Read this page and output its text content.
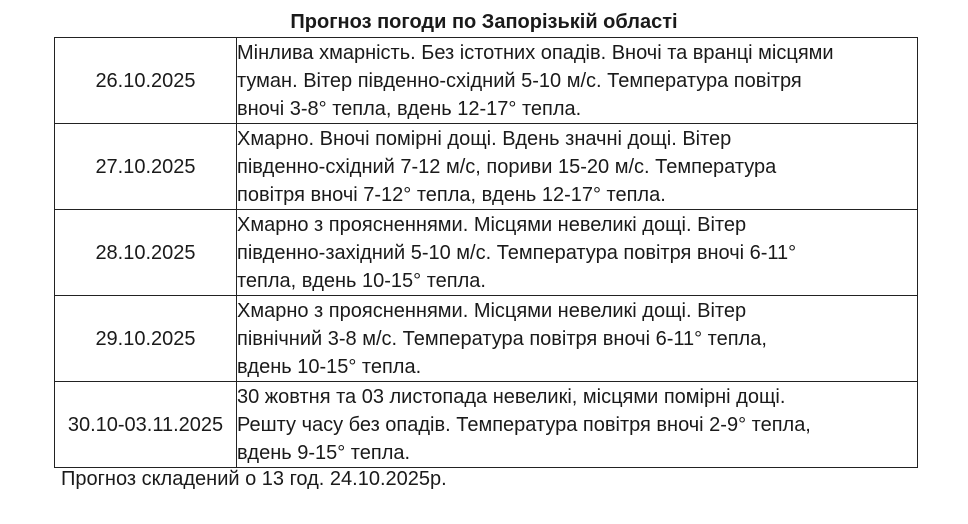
Прогноз погоди по Запорізькій області
26.10.2025	Мінлива хмарність. Без істотних опадів. Вночі та вранці місцями
туман. Вітер південно-східний 5-10 м/с. Температура повітря
вночі 3-8° тепла, вдень 12-17° тепла.

27.10.2025	Хмарно. Вночі помірні дощі. Вдень значні дощі. Вітер
південно-східний 7-12 м/с, пориви 15-20 м/с. Температура
повітря вночі 7-12° тепла, вдень 12-17° тепла.

28.10.2025	Хмарно з проясненнями. Місцями невеликі дощі. Вітер
південно-західний 5-10 м/с. Температура повітря вночі 6-11°
тепла, вдень 10-15° тепла.

29.10.2025	Хмарно з проясненнями. Місцями невеликі дощі. Вітер
північний 3-8 м/с. Температура повітря вночі 6-11° тепла,
вдень 10-15° тепла.

30.10-03.11.2025	30 жовтня та 03 листопада невеликі, місцями помірні дощі.
Решту часу без опадів. Температура повітря вночі 2-9° тепла,
вдень 9-15° тепла.
Прогноз складений о 13 год. 24.10.2025р.
